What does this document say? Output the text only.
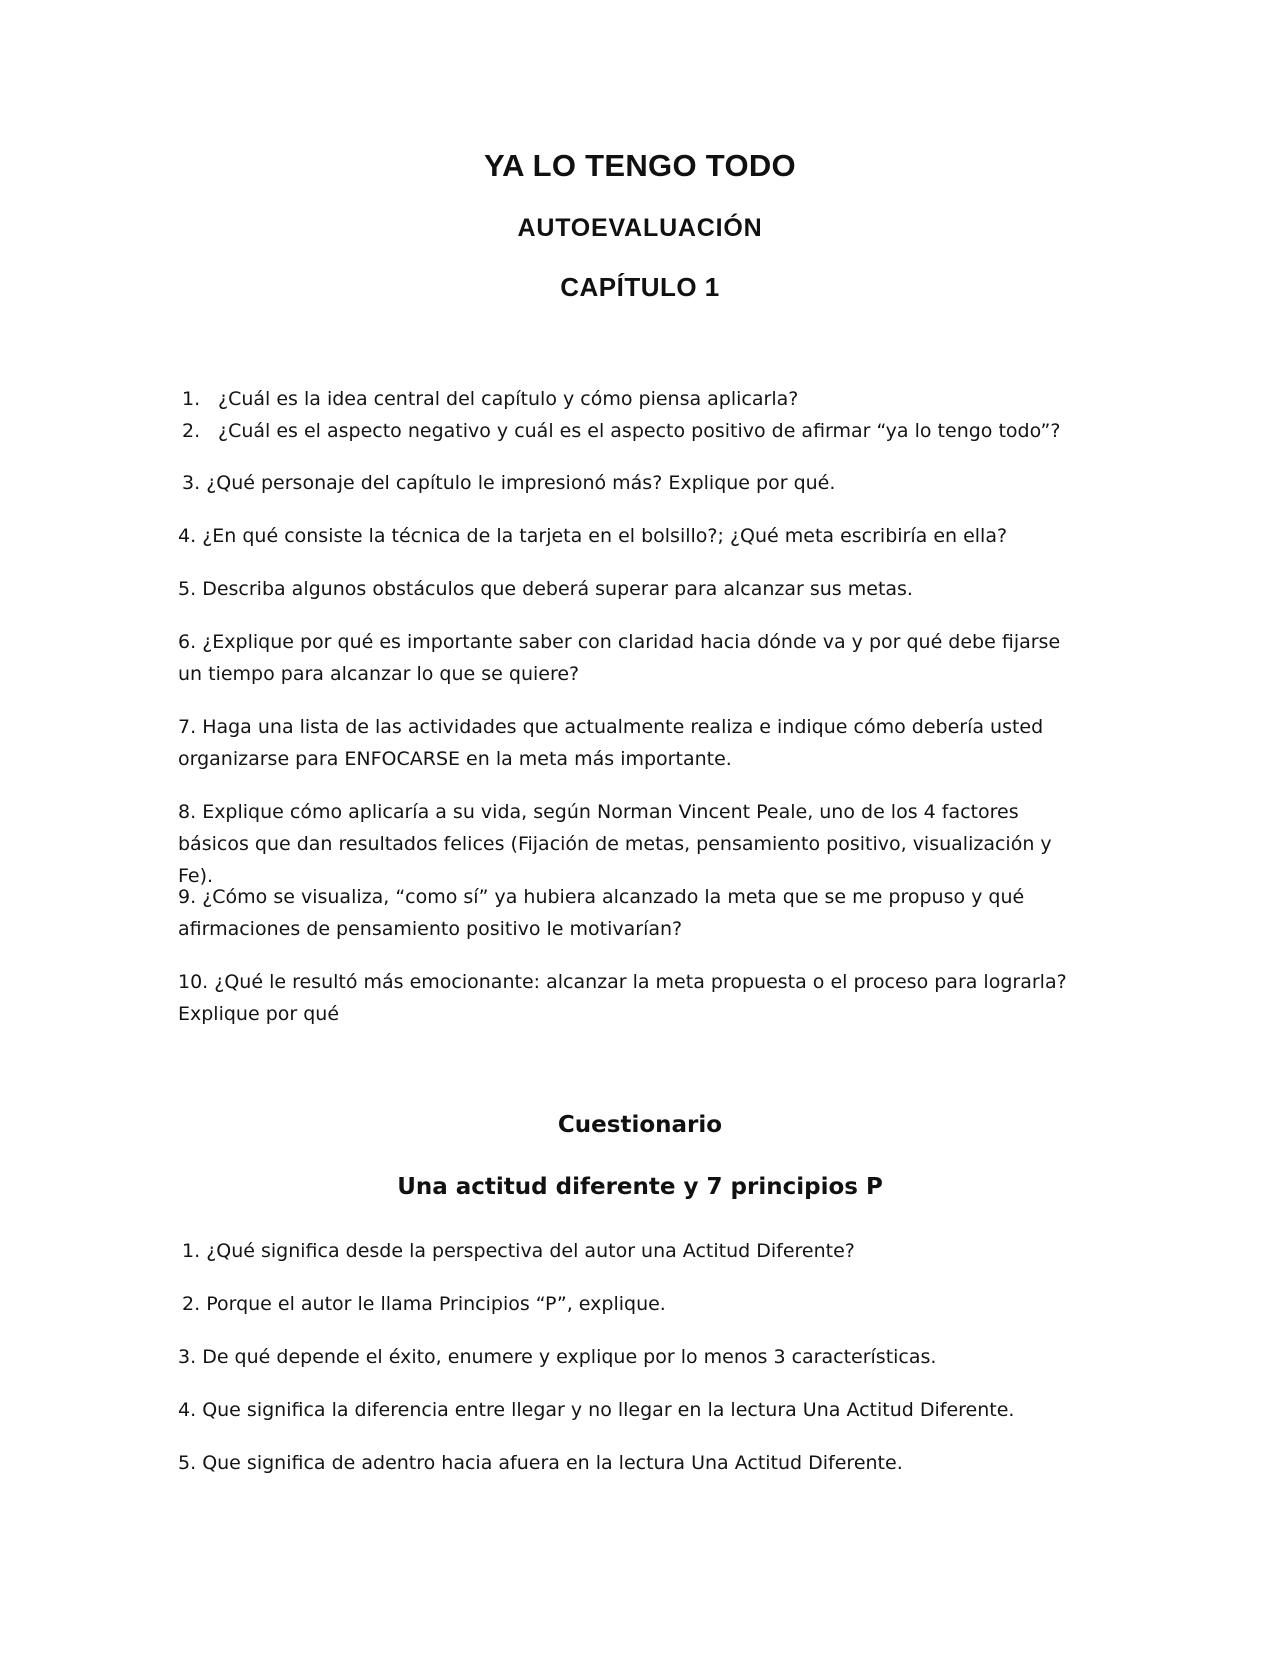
YA LO TENGO TODO
AUTOEVALUACIÓN
CAPÍTULO 1
1. ¿Cuál es la idea central del capítulo y cómo piensa aplicarla?
2. ¿Cuál es el aspecto negativo y cuál es el aspecto positivo de afirmar “ya lo tengo todo”?

3. ¿Qué personaje del capítulo le impresionó más? Explique por qué.

4. ¿En qué consiste la técnica de la tarjeta en el bolsillo?; ¿Qué meta escribiría en ella?

5. Describa algunos obstáculos que deberá superar para alcanzar sus metas.

6. ¿Explique por qué es importante saber con claridad hacia dónde va y por qué debe fijarse un tiempo para alcanzar lo que se quiere?

7. Haga una lista de las actividades que actualmente realiza e indique cómo debería usted organizarse para ENFOCARSE en la meta más importante.

8. Explique cómo aplicaría a su vida, según Norman Vincent Peale, uno de los 4 factores básicos que dan resultados felices (Fijación de metas, pensamiento positivo, visualización y Fe).

9. ¿Cómo se visualiza, “como sí” ya hubiera alcanzado la meta que se me propuso y qué afirmaciones de pensamiento positivo le motivarían?

10. ¿Qué le resultó más emocionante: alcanzar la meta propuesta o el proceso para lograrla? Explique por qué

Cuestionario
Una actitud diferente y 7 principios P

1. ¿Qué significa desde la perspectiva del autor una Actitud Diferente?

2. Porque el autor le llama Principios “P”, explique.

3. De qué depende el éxito, enumere y explique por lo menos 3 características.

4. Que significa la diferencia entre llegar y no llegar en la lectura Una Actitud Diferente.

5. Que significa de adentro hacia afuera en la lectura Una Actitud Diferente.
